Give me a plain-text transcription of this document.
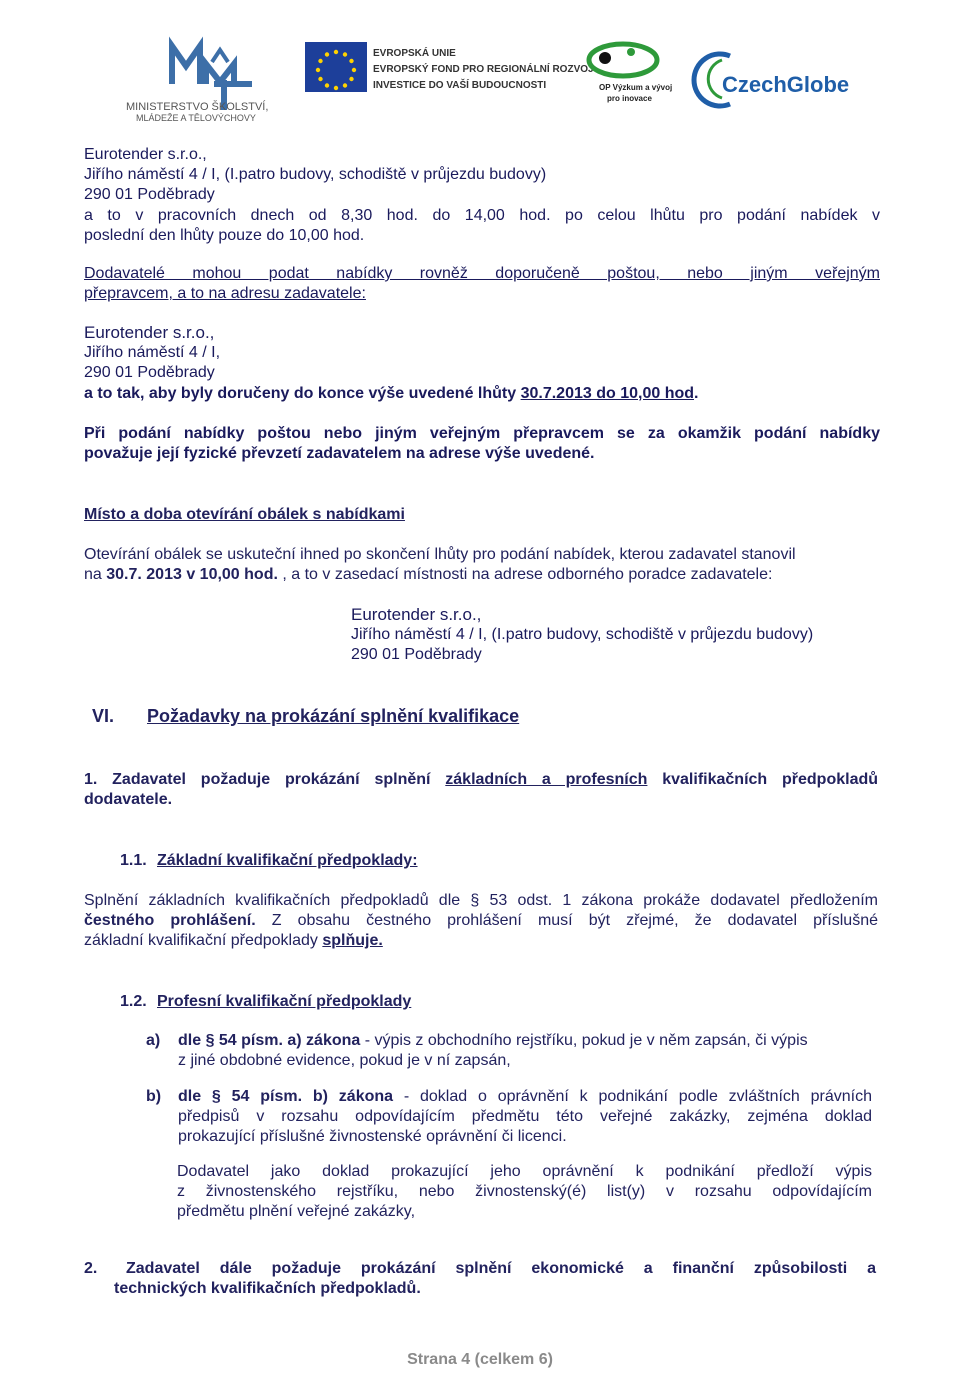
MINISTERSTVO ŠKOLSTVÍ,
MLÁDEŽE A TĚLOVÝCHOVY
EVROPSKÁ UNIE
EVROPSKÝ FOND PRO REGIONÁLNÍ ROZVOJ
INVESTICE DO VAŠÍ BUDOUCNOSTI	OP Výzkum a vývoj
pro inovace
CzechGlobe
Eurotender s.r.o.,
Jiřího náměstí 4 / I, (I.patro budovy, schodiště v průjezdu budovy)
290 01 Poděbrady
a to v pracovních dnech od 8,30 hod. do 14,00 hod. po celou lhůtu pro podání nabídek v
poslední den lhůty pouze do 10,00 hod.
Dodavatelé mohou podat nabídky rovněž doporučeně poštou, nebo jiným veřejným
přepravcem, a to na adresu zadavatele:
Eurotender s.r.o.,
Jiřího náměstí 4 / I,
290 01 Poděbrady
a to tak, aby byly doručeny do konce výše uvedené lhůty 30.7.2013 do 10,00 hod.
Při podání nabídky poštou nebo jiným veřejným přepravcem se za okamžik podání nabídky
považuje její fyzické převzetí zadavatelem na adrese výše uvedené.
Místo a doba otevírání obálek s nabídkami
Otevírání obálek se uskuteční ihned po skončení lhůty pro podání nabídek, kterou zadavatel stanovil
na 30.7. 2013 v 10,00 hod. , a to v zasedací místnosti na adrese odborného poradce zadavatele:
Eurotender s.r.o.,
Jiřího náměstí 4 / I, (I.patro budovy, schodiště v průjezdu budovy)
290 01 Poděbrady
VI. Požadavky na prokázání splnění kvalifikace
1. Zadavatel požaduje prokázání splnění základních a profesních kvalifikačních předpokladů
dodavatele.
1.1. Základní kvalifikační předpoklady:
Splnění základních kvalifikačních předpokladů dle § 53 odst. 1 zákona prokáže dodavatel předložením
čestného prohlášení. Z obsahu čestného prohlášení musí být zřejmé, že dodavatel příslušné
základní kvalifikační předpoklady splňuje.
1.2. Profesní kvalifikační předpoklady
a) dle § 54 písm. a) zákona - výpis z obchodního rejstříku, pokud je v něm zapsán, či výpis
z jiné obdobné evidence, pokud je v ní zapsán,
b) dle § 54 písm. b) zákona - doklad o oprávnění k podnikání podle zvláštních právních
předpisů v rozsahu odpovídajícím předmětu této veřejné zakázky, zejména doklad
prokazující příslušné živnostenské oprávnění či licenci.
Dodavatel jako doklad prokazující jeho oprávnění k podnikání předloží výpis
z živnostenského rejstříku, nebo živnostenský(é) list(y) v rozsahu odpovídajícím
předmětu plnění veřejné zakázky,
2. Zadavatel dále požaduje prokázání splnění ekonomické a finanční způsobilosti a
technických kvalifikačních předpokladů.
Strana 4 (celkem 6)
